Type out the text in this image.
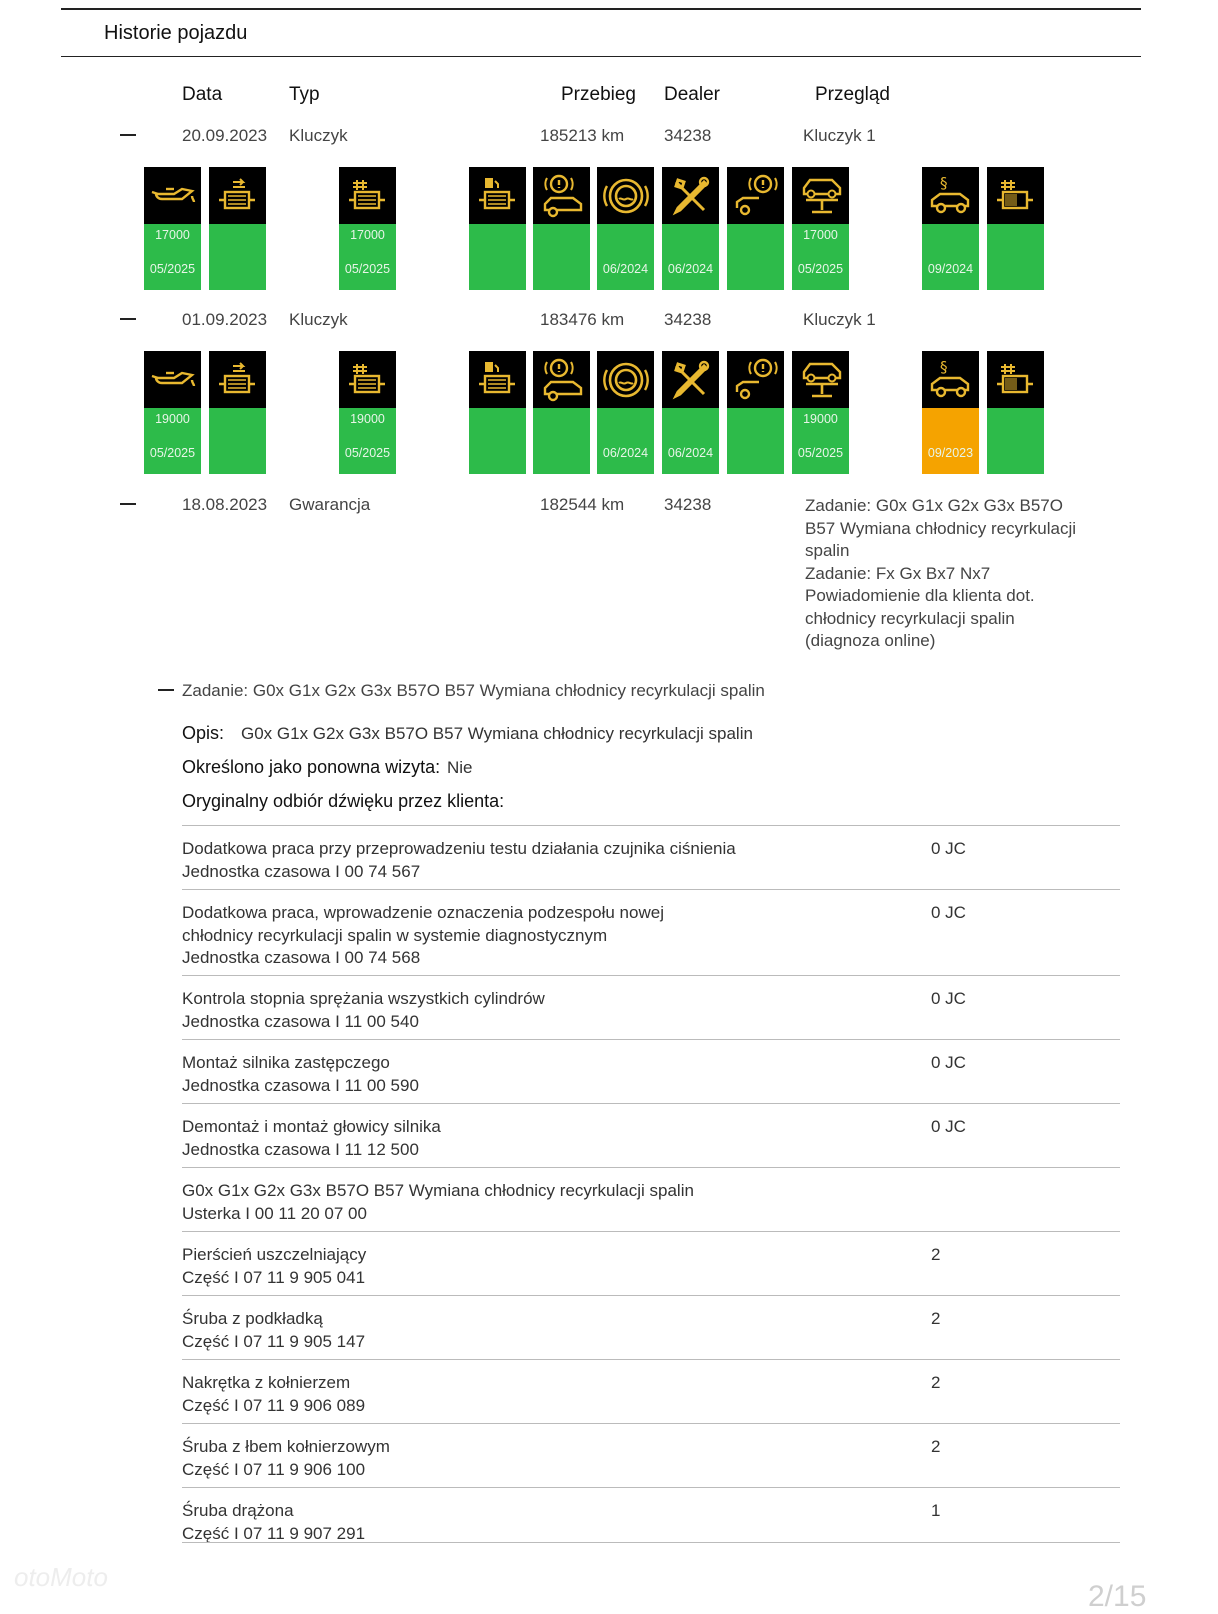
Historie pojazdu
Data	Typ	Przebieg Dealer	Przegląd
20.09.2023 Kluczyk	185213 km 34238	Kluczyk 1
01.09.2023 Kluczyk	183476 km 34238	Kluczyk 1
18.08.2023 Gwarancja	182544 km 34238	Zadanie: G0x G1x G2x G3x B57O
B57 Wymiana chłodnicy recyrkulacji
spalin
Zadanie: Fx Gx Bx7 Nx7
Powiadomienie dla klienta dot.
chłodnicy recyrkulacji spalin
(diagnoza online)
Zadanie: G0x G1x G2x G3x B57O B57 Wymiana chłodnicy recyrkulacji spalin
Opis: G0x G1x G2x G3x B57O B57 Wymiana chłodnicy recyrkulacji spalin
Określono jako ponowna wizyta: Nie
Oryginalny odbiór dźwięku przez klienta:
Dodatkowa praca przy przeprowadzeniu testu działania czujnika ciśnienia
Jednostka czasowa I 00 74 567
0 JC
Dodatkowa praca, wprowadzenie oznaczenia podzespołu nowej
chłodnicy recyrkulacji spalin w systemie diagnostycznym
Jednostka czasowa I 00 74 568
0 JC
Kontrola stopnia sprężania wszystkich cylindrów
Jednostka czasowa I 11 00 540
0 JC
Montaż silnika zastępczego
Jednostka czasowa I 11 00 590
0 JC
Demontaż i montaż głowicy silnika
Jednostka czasowa I 11 12 500
0 JC
G0x G1x G2x G3x B57O B57 Wymiana chłodnicy recyrkulacji spalin
Usterka I 00 11 20 07 00
Pierścień uszczelniający
Część I 07 11 9 905 041
2
Śruba z podkładką
Część I 07 11 9 905 147
2
Nakrętka z kołnierzem
Część I 07 11 9 906 089
2
Śruba z łbem kołnierzowym
Część I 07 11 9 906 100
2
Śruba drążona
Część I 07 11 9 907 291
1
otoMoto
2/15
17000
05/2025
17000
05/2025	06/2024	06/2024
17000
05/2025
§
09/2024
19000
05/2025
19000
05/2025	06/2024	06/2024
19000
05/2025
§
09/2023
